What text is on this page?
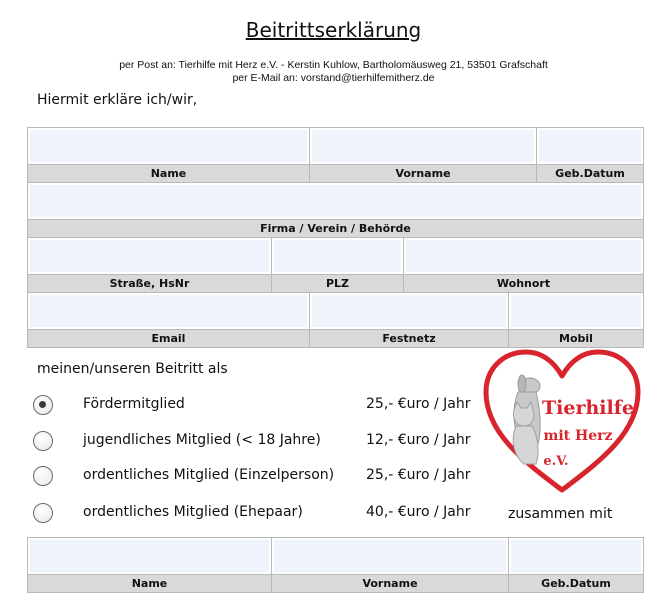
Beitrittserklärung
per Post an: Tierhilfe mit Herz e.V. - Kerstin Kuhlow, Bartholomäusweg 21, 53501 Grafschaft
per E-Mail an: vorstand@tierhilfemitherz.de
Hiermit erkläre ich/wir,

Name		Vorname			Geb.Datum

Firma / Verein / Behörde					

Straße, HsNr	PLZ		Wohnort		

Email		Festnetz		Mobil	
meinen/unseren Beitritt als
Fördermitglied	25,- €uro / Jahr
jugendliches Mitglied (< 18 Jahre)	12,- €uro / Jahr
ordentliches Mitglied (Einzelperson) 25,- €uro / Jahr
ordentliches Mitglied (Ehepaar)	40,- €uro / Jahr	zusammen mit
Tierhilfe
mit Herz
e.V.

Name	Vorname	Geb.Datum
